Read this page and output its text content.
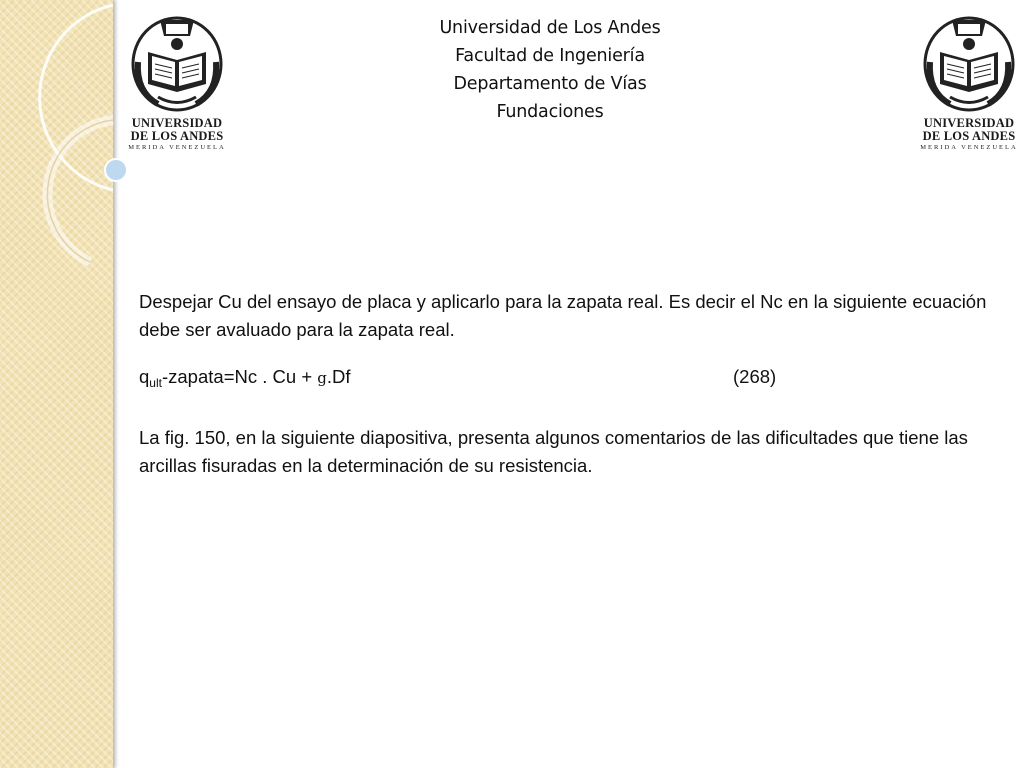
UNIVERSIDAD
DE LOS ANDES
MERIDA VENEZUELA
UNIVERSIDAD
DE LOS ANDES
MERIDA VENEZUELA
Universidad de Los Andes
Facultad de Ingeniería
Departamento de Vías
Fundaciones
Despejar Cu del ensayo de placa y aplicarlo para la zapata real. Es decir el Nc en la siguiente ecuación debe ser avaluado para la zapata real.
$q_{ult}-zapata=Nc$ . Cu + g.Df	(268)
La fig. 150, en la siguiente diapositiva, presenta algunos comentarios de las dificultades que tiene las arcillas fisuradas en la determinación de su resistencia.
